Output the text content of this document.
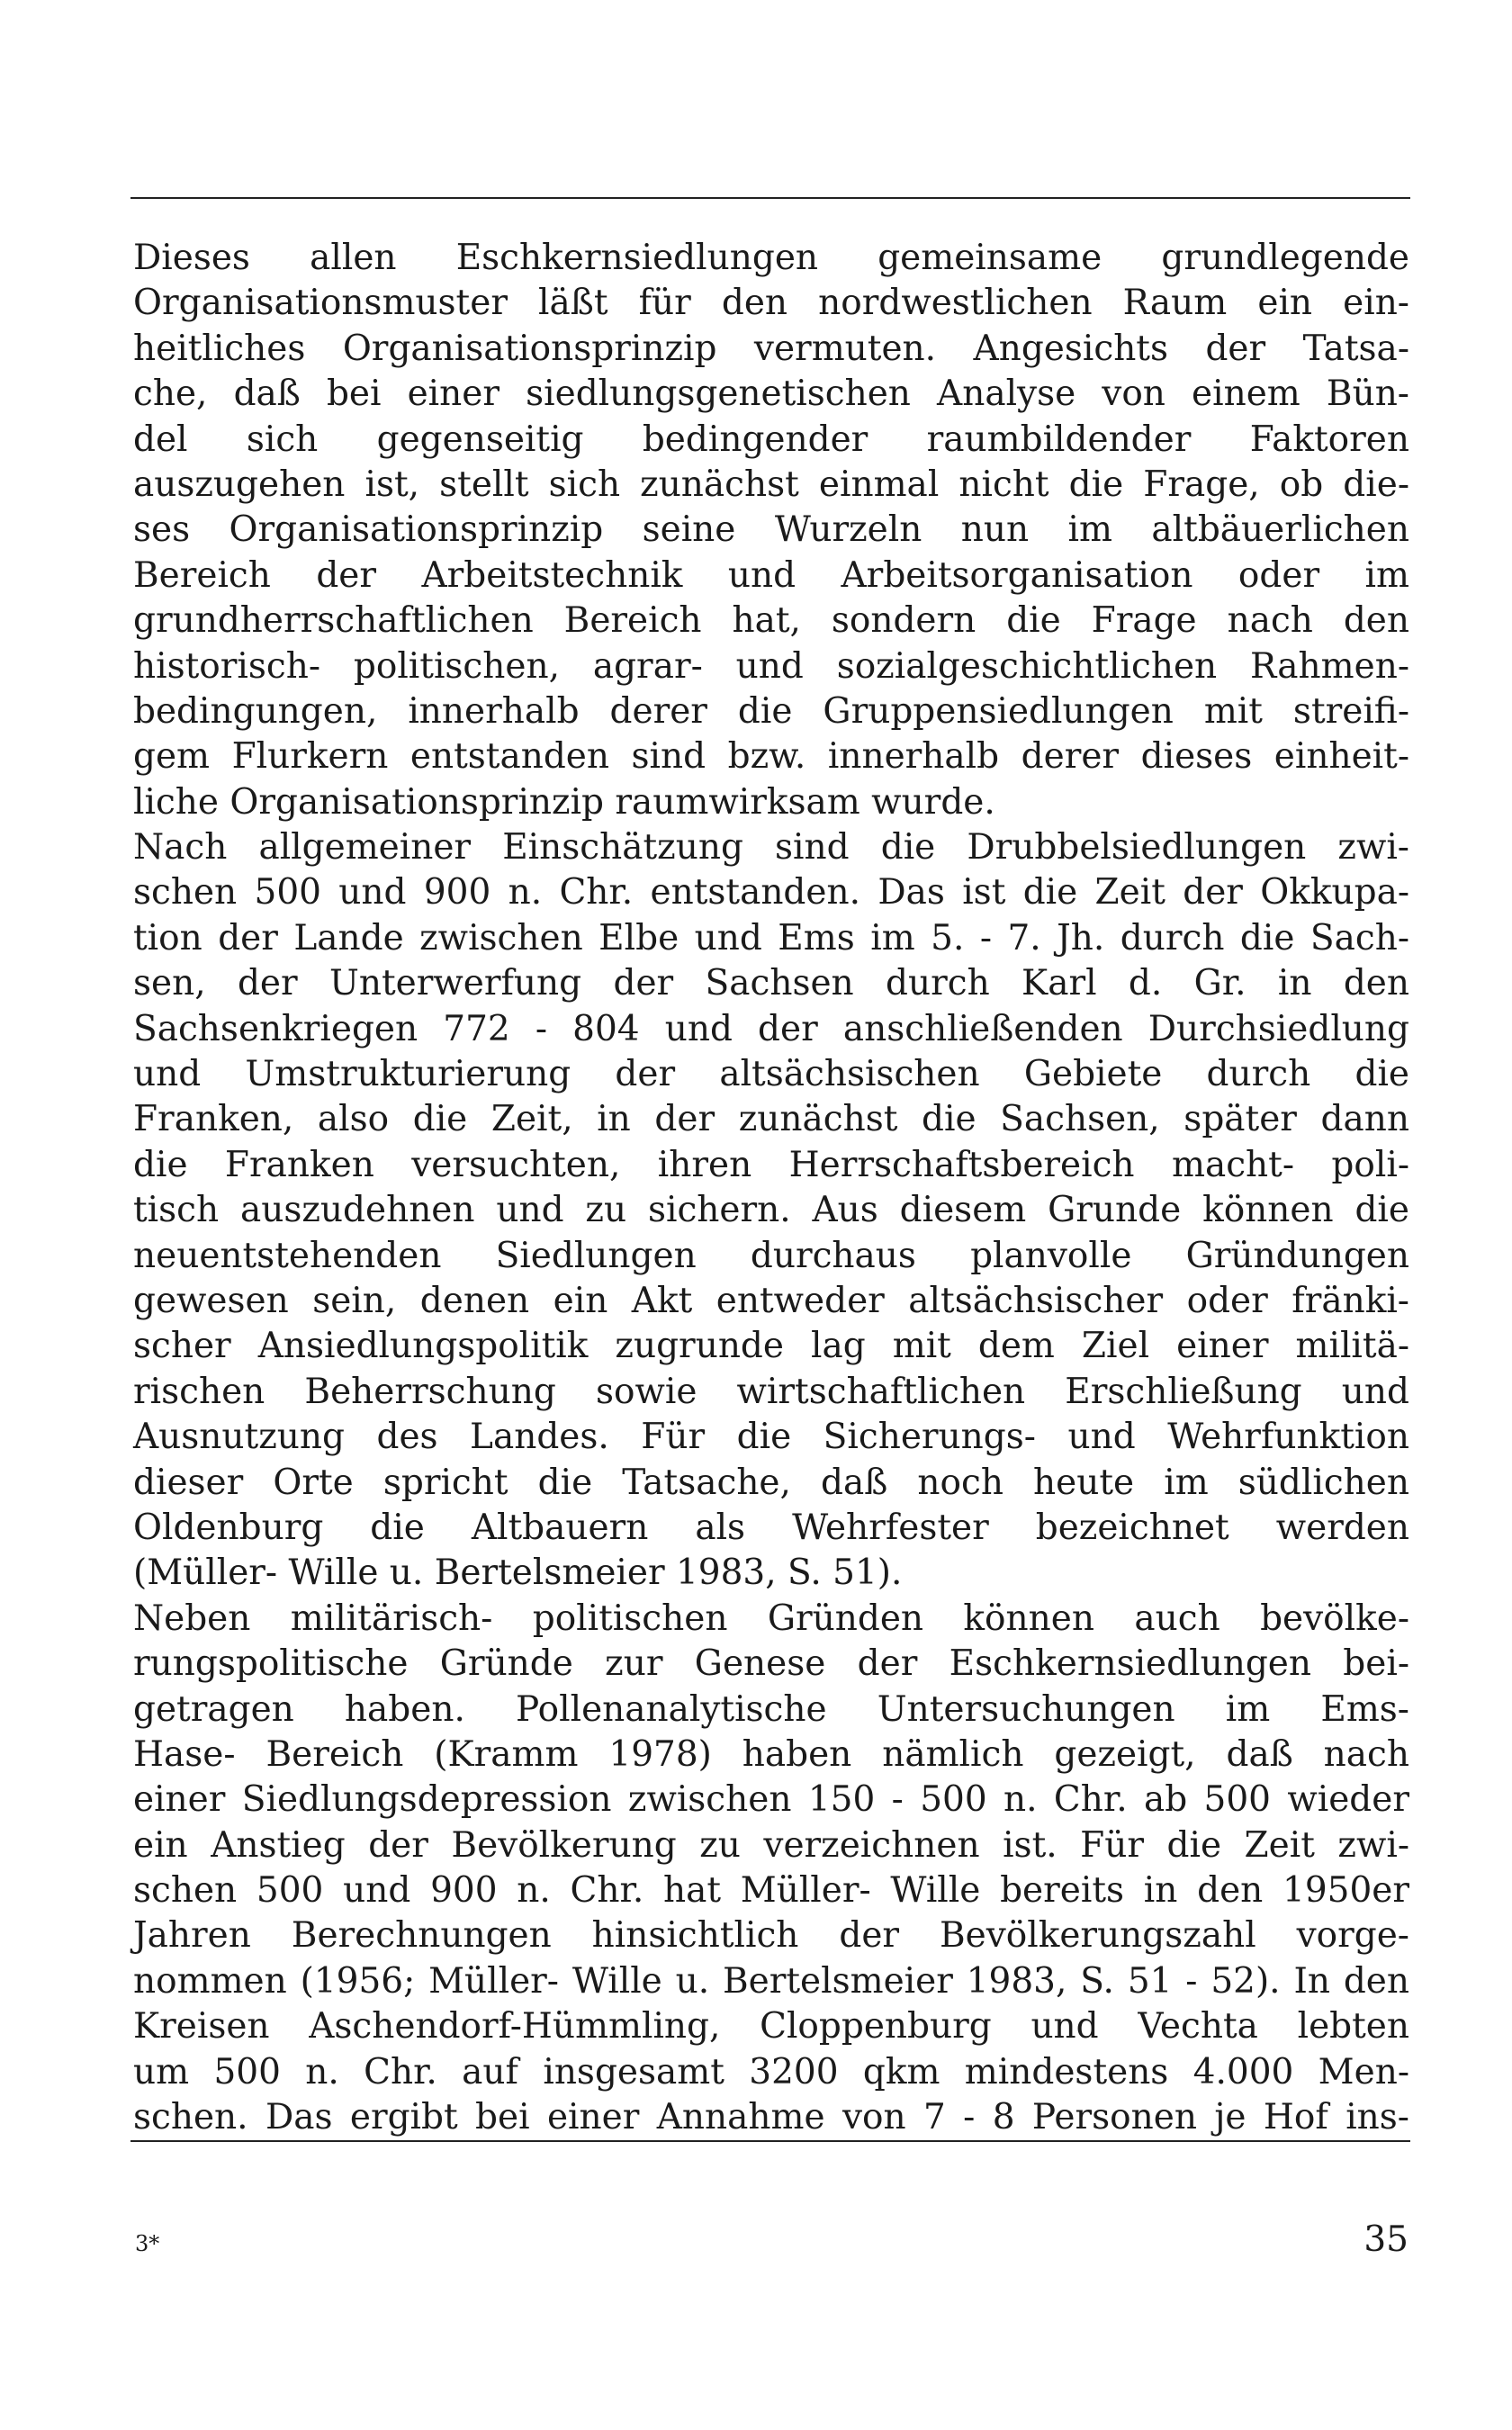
Dieses allen Eschkernsiedlungen gemeinsame grundlegende
Organisationsmuster läßt für den nordwestlichen Raum ein ein-
heitliches Organisationsprinzip vermuten. Angesichts der Tatsa-
che, daß bei einer siedlungsgenetischen Analyse von einem Bün-
del sich gegenseitig bedingender raumbildender Faktoren
auszugehen ist, stellt sich zunächst einmal nicht die Frage, ob die-
ses Organisationsprinzip seine Wurzeln nun im altbäuerlichen
Bereich der Arbeitstechnik und Arbeitsorganisation oder im
grundherrschaftlichen Bereich hat, sondern die Frage nach den
historisch- politischen, agrar- und sozialgeschichtlichen Rahmen-
bedingungen, innerhalb derer die Gruppensiedlungen mit streifi-
gem Flurkern entstanden sind bzw. innerhalb derer dieses einheit-
liche Organisationsprinzip raumwirksam wurde.
Nach allgemeiner Einschätzung sind die Drubbelsiedlungen zwi-
schen 500 und 900 n. Chr. entstanden. Das ist die Zeit der Okkupa-
tion der Lande zwischen Elbe und Ems im 5. - 7. Jh. durch die Sach-
sen, der Unterwerfung der Sachsen durch Karl d. Gr. in den
Sachsenkriegen 772 - 804 und der anschließenden Durchsiedlung
und Umstrukturierung der altsächsischen Gebiete durch die
Franken, also die Zeit, in der zunächst die Sachsen, später dann
die Franken versuchten, ihren Herrschaftsbereich macht- poli-
tisch auszudehnen und zu sichern. Aus diesem Grunde können die
neuentstehenden Siedlungen durchaus planvolle Gründungen
gewesen sein, denen ein Akt entweder altsächsischer oder fränki-
scher Ansiedlungspolitik zugrunde lag mit dem Ziel einer militä-
rischen Beherrschung sowie wirtschaftlichen Erschließung und
Ausnutzung des Landes. Für die Sicherungs- und Wehrfunktion
dieser Orte spricht die Tatsache, daß noch heute im südlichen
Oldenburg die Altbauern als Wehrfester bezeichnet werden
(Müller- Wille u. Bertelsmeier 1983, S. 51).
Neben militärisch- politischen Gründen können auch bevölke-
rungspolitische Gründe zur Genese der Eschkernsiedlungen bei-
getragen haben. Pollenanalytische Untersuchungen im Ems-
Hase- Bereich (Kramm 1978) haben nämlich gezeigt, daß nach
einer Siedlungsdepression zwischen 150 - 500 n. Chr. ab 500 wieder
ein Anstieg der Bevölkerung zu verzeichnen ist. Für die Zeit zwi-
schen 500 und 900 n. Chr. hat Müller- Wille bereits in den 1950er
Jahren Berechnungen hinsichtlich der Bevölkerungszahl vorge-
nommen (1956; Müller- Wille u. Bertelsmeier 1983, S. 51 - 52). In den
Kreisen Aschendorf-Hümmling, Cloppenburg und Vechta lebten
um 500 n. Chr. auf insgesamt 3200 qkm mindestens 4.000 Men-
schen. Das ergibt bei einer Annahme von 7 - 8 Personen je Hof ins-
3*	35
